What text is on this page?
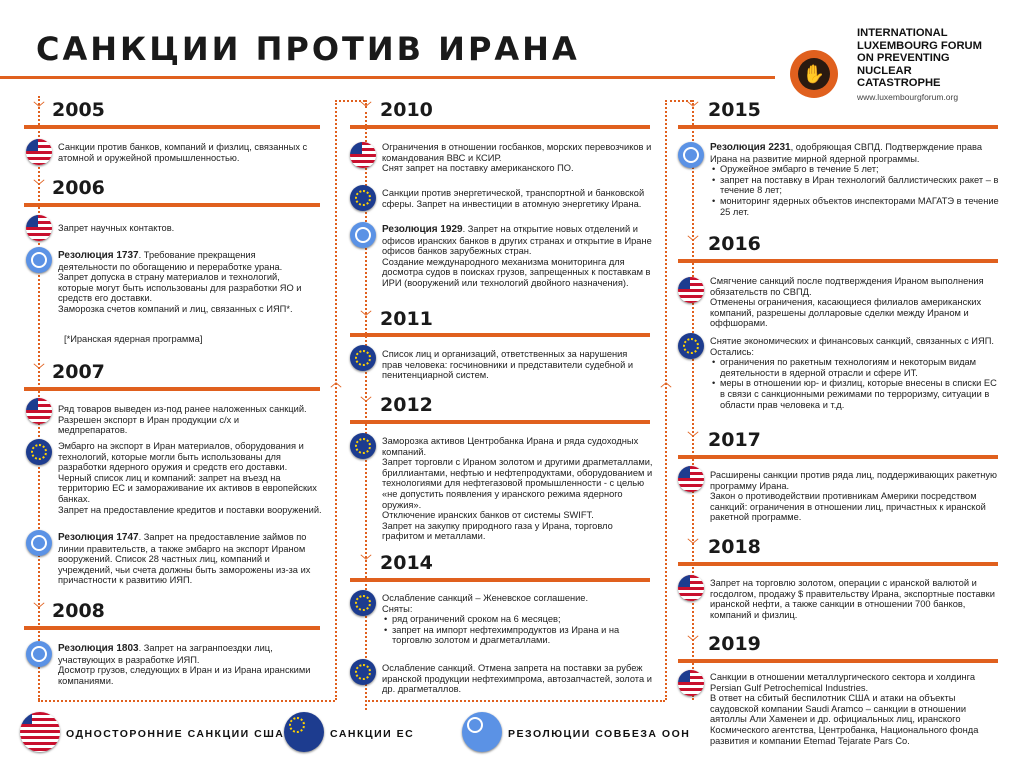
САНКЦИИ ПРОТИВ ИРАНА
✋
INTERNATIONAL
LUXEMBOURG FORUM
ON PREVENTING
NUCLEAR
CATASTROPHE
www.luxembourgforum.org
︿	︿
﹀ 2005
Санкции против банков, компаний и физлиц, связанных с атомной и оружейной промышленностью.
﹀ 2006
Запрет научных контактов.
Резолюция 1737. Требование прекращения деятельности по обогащению и переработке урана.
Запрет допуска в страну материалов и технологий, которые могут быть использованы для разработки ЯО и средств его доставки.
Заморозка счетов компаний и лиц, связанных с ИЯП*.
[*Иранская ядерная программа]
﹀ 2007
Ряд товаров выведен из-под ранее наложенных санкций. Разрешен экспорт в Иран продукции с/х и медпрепаратов.
Эмбарго на экспорт в Иран материалов, оборудования и технологий, которые могли быть использованы для разработки ядерного оружия и средств его доставки.
Черный список лиц и компаний: запрет на въезд на территорию ЕС и замораживание их активов в европейских банках.
Запрет на предоставление кредитов и поставки вооружений.
Резолюция 1747. Запрет на предоставление займов по линии правительств, а также эмбарго на экспорт Ираном вооружений. Список 28 частных лиц, компаний и учреждений, чьи счета должны быть заморожены из-за их причастности к развитию ИЯП.
﹀ 2008
Резолюция 1803. Запрет на загранпоездки лиц, участвующих в разработке ИЯП.
Досмотр грузов, следующих в Иран и из Ирана иранскими компаниями.
﹀ 2010
Ограничения в отношении госбанков, морских перевозчиков и командования ВВС и КСИР.
Снят запрет на поставку американского ПО.
Санкции против энергетической, транспортной и банковской сферы. Запрет на инвестиции в атомную энергетику Ирана.
Резолюция 1929. Запрет на открытие новых отделений и офисов иранских банков в других странах и открытие в Иране офисов банков зарубежных стран.
Создание международного механизма мониторинга для досмотра судов в поисках грузов, запрещенных к поставкам в ИРИ (вооружений или технологий двойного назначения).
﹀ 2011
Список лиц и организаций, ответственных за нарушения прав человека: госчиновники и представители судебной и пенитенциарной систем.
﹀ 2012
Заморозка активов Центробанка Ирана и ряда судоходных компаний.
Запрет торговли с Ираном золотом и другими драгметаллами, бриллиантами, нефтью и нефтепродуктами, оборудованием и технологиями для нефтегазовой промышленности - с целью «не допустить появления у иранского режима ядерного оружия».
Отключение иранских банков от системы SWIFT.
Запрет на закупку природного газа у Ирана, торговло графитом и металлами.
﹀ 2014
Ослабление санкций – Женевское соглашение.
Сняты:
• ряд ограничений сроком на 6 месяцев;
• запрет на импорт нефтехимпродуктов из Ирана и на торговлю золотом и драгметаллами.
Ослабление санкций. Отмена запрета на поставки за рубеж иранской продукции нефтехимпрома, автозапчастей, золота и др. драгметаллов.
﹀ 2015
Резолюция 2231, одобряющая СВПД. Подтверждение права Ирана на развитие мирной ядерной программы.
• Оружейное эмбарго в течение 5 лет;
• запрет на поставку в Иран технологий баллистических ракет – в течение 8 лет;
• мониторинг ядерных объектов инспекторами МАГАТЭ в течение 25 лет.
﹀ 2016
Смягчение санкций после подтверждения Ираном выполнения обязательств по СВПД.
Отменены ограничения, касающиеся филиалов американских компаний, разрешены долларовые сделки между Ираном и оффшорами.
Снятие экономических и финансовых санкций, связанных с ИЯП.
Остались:
• ограничения по ракетным технологиям и некоторым видам деятельности в ядерной отрасли и сфере ИТ.
• меры в отношении юр- и физлиц, которые внесены в списки ЕС в связи с санкционными режимами по терроризму, ситуации в области прав человека и т.д.
﹀ 2017
Расширены санкции против ряда лиц, поддерживающих ракетную программу Ирана.
Закон о противодействии противникам Америки посредством санкций: ограничения в отношении лиц, причастных к иранской ракетной программе.
﹀ 2018
Запрет на торговлю золотом, операции с иранской валютой и госдолгом, продажу $ правительству Ирана, экспортные поставки иранской нефти, а также санкции в отношении 700 банков, компаний и физлиц.
﹀ 2019
Санкции в отношении металлургического сектора и холдинга Persian Gulf Petrochemical Industries.
В ответ на сбитый беспилотник США и атаки на объекты саудовской компании Saudi Aramco – санкции в отношении аятоллы Али Хаменеи и др. официальных лиц, иранского Космического агентства, Центробанка, Национального фонда развития и компании Etemad Tejarate Pars Co.
ОДНОСТОРОННИЕ САНКЦИИ США	САНКЦИИ ЕС	РЕЗОЛЮЦИИ СОВБЕЗА ООН
